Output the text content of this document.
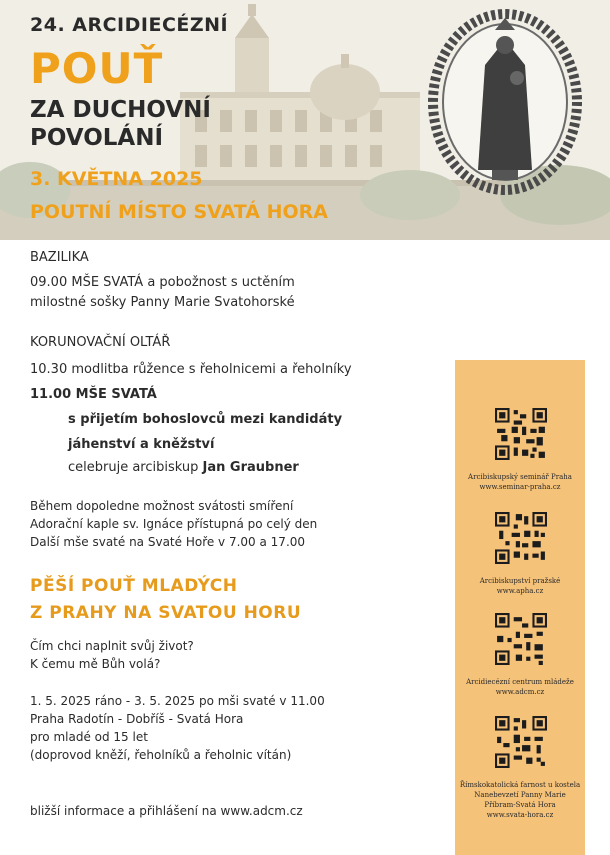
24. ARCIDIECÉZNÍ

POUŤ

ZA DUCHOVNÍ

POVOLÁNÍ

3. KVĚTNA 2025

POUTNÍ MÍSTO SVATÁ HORA

BAZILIKA

09.00 MŠE SVATÁ a pobožnost s uctěním

milostné sošky Panny Marie Svatohorské

KORUNOVAČNÍ OLTÁŘ

10.30 modlitba růžence s řeholnicemi a řeholníky

11.00 MŠE SVATÁ

s přijetím bohoslovců mezi kandidáty

jáhenství a kněžství

celebruje arcibiskup Jan Graubner

Během dopoledne možnost svátosti smíření

Adorační kaple sv. Ignáce přístupná po celý den

Další mše svaté na Svaté Hoře v 7.00 a 17.00

PĚŠÍ POUŤ MLADÝCH

Z PRAHY NA SVATOU HORU

Čím chci naplnit svůj život?

K čemu mě Bůh volá?

1. 5. 2025 ráno - 3. 5. 2025 po mši svaté v 11.00

Praha Radotín - Dobříš - Svatá Hora

pro mladé od 15 let

(doprovod kněží, řeholníků a řeholnic vítán)

bližší informace a přihlášení na www.adcm.cz

Arcibiskupský seminář Praha
www.seminar-praha.cz
Arcibiskupství pražské
www.apha.cz
Arcidiecézní centrum mládeže
www.adcm.cz
Římskokatolická farnost u kostela
Nanebevzetí Panny Marie
Příbram-Svatá Hora
www.svata-hora.cz
